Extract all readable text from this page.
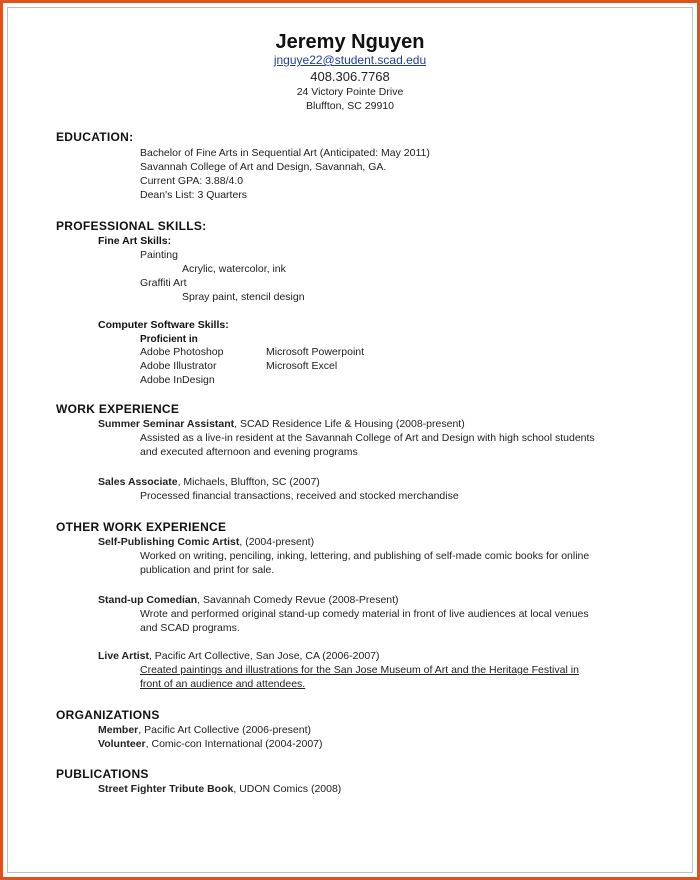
Jeremy Nguyen
jnguye22@student.scad.edu
408.306.7768
24 Victory Pointe Drive
Bluffton, SC 29910
EDUCATION:
Bachelor of Fine Arts in Sequential Art (Anticipated: May 2011)
Savannah College of Art and Design, Savannah, GA.
Current GPA: 3.88/4.0
Dean's List: 3 Quarters
PROFESSIONAL SKILLS:
Fine Art Skills:
Painting
Acrylic, watercolor, ink
Graffiti Art
Spray paint, stencil design
Computer Software Skills:
Proficient in
Adobe Photoshop
Adobe Illustrator
Adobe InDesign
Microsoft Powerpoint
Microsoft Excel
WORK EXPERIENCE
Summer Seminar Assistant, SCAD Residence Life & Housing (2008-present)
Assisted as a live-in resident at the Savannah College of Art and Design with high school students
and executed afternoon and evening programs
Sales Associate, Michaels, Bluffton, SC (2007)
Processed financial transactions, received and stocked merchandise
OTHER WORK EXPERIENCE
Self-Publishing Comic Artist, (2004-present)
Worked on writing, penciling, inking, lettering, and publishing of self-made comic books for online
publication and print for sale.
Stand-up Comedian, Savannah Comedy Revue (2008-Present)
Wrote and performed original stand-up comedy material in front of live audiences at local venues
and SCAD programs.
Live Artist, Pacific Art Collective, San Jose, CA (2006-2007)
Created paintings and illustrations for the San Jose Museum of Art and the Heritage Festival in
front of an audience and attendees.
ORGANIZATIONS
Member, Pacific Art Collective (2006-present)
Volunteer, Comic-con International (2004-2007)
PUBLICATIONS
Street Fighter Tribute Book, UDON Comics (2008)
